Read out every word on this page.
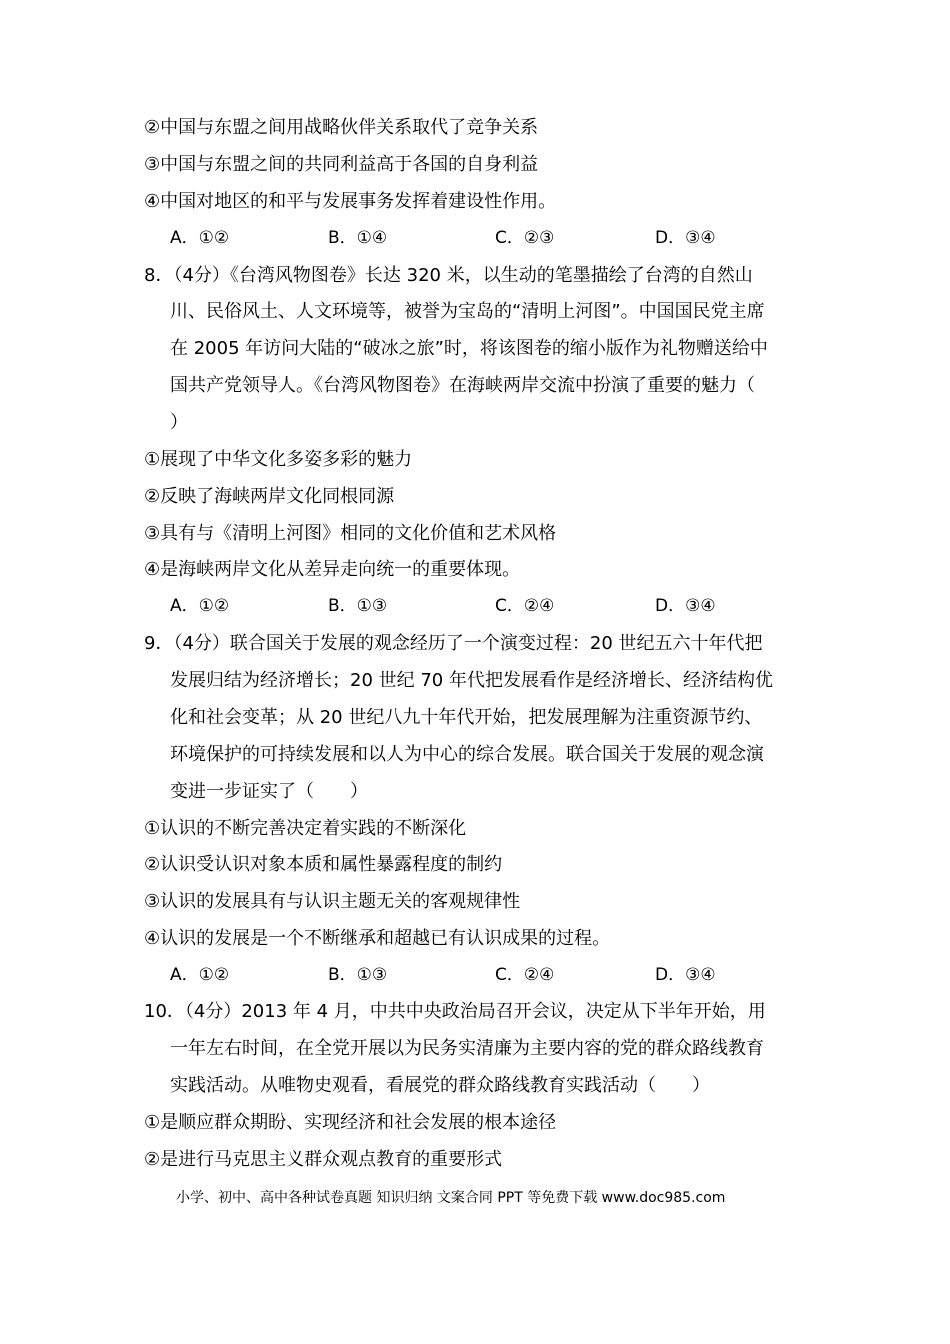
②中国与东盟之间用战略伙伴关系取代了竞争关系
③中国与东盟之间的共同利益高于各国的自身利益
④中国对地区的和平与发展事务发挥着建设性作用。
A．①②	B．①④	C．②③	D．③④
8．（4分）《台湾风物图卷》长达 320 米，以生动的笔墨描绘了台湾的自然山
川、民俗风土、人文环境等，被誉为宝岛的“清明上河图”。中国国民党主席
在 2005 年访问大陆的“破冰之旅”时，将该图卷的缩小版作为礼物赠送给中
国共产党领导人。《台湾风物图卷》在海峡两岸交流中扮演了重要的魅力（
）
①展现了中华文化多姿多彩的魅力
②反映了海峡两岸文化同根同源
③具有与《清明上河图》相同的文化价值和艺术风格
④是海峡两岸文化从差异走向统一的重要体现。
A．①②	B．①③	C．②④	D．③④
9．（4分）联合国关于发展的观念经历了一个演变过程：20 世纪五六十年代把
发展归结为经济增长；20 世纪 70 年代把发展看作是经济增长、经济结构优
化和社会变革；从 20 世纪八九十年代开始，把发展理解为注重资源节约、
环境保护的可持续发展和以人为中心的综合发展。联合国关于发展的观念演
变进一步证实了（　　）
①认识的不断完善决定着实践的不断深化
②认识受认识对象本质和属性暴露程度的制约
③认识的发展具有与认识主题无关的客观规律性
④认识的发展是一个不断继承和超越已有认识成果的过程。
A．①②	B．①③	C．②④	D．③④
10．（4分）2013 年 4 月，中共中央政治局召开会议，决定从下半年开始，用
一年左右时间，在全党开展以为民务实清廉为主要内容的党的群众路线教育
实践活动。从唯物史观看，看展党的群众路线教育实践活动（　　）
①是顺应群众期盼、实现经济和社会发展的根本途径
②是进行马克思主义群众观点教育的重要形式
小学、初中、高中各种试卷真题 知识归纳 文案合同 PPT 等免费下载 www.doc985.com
